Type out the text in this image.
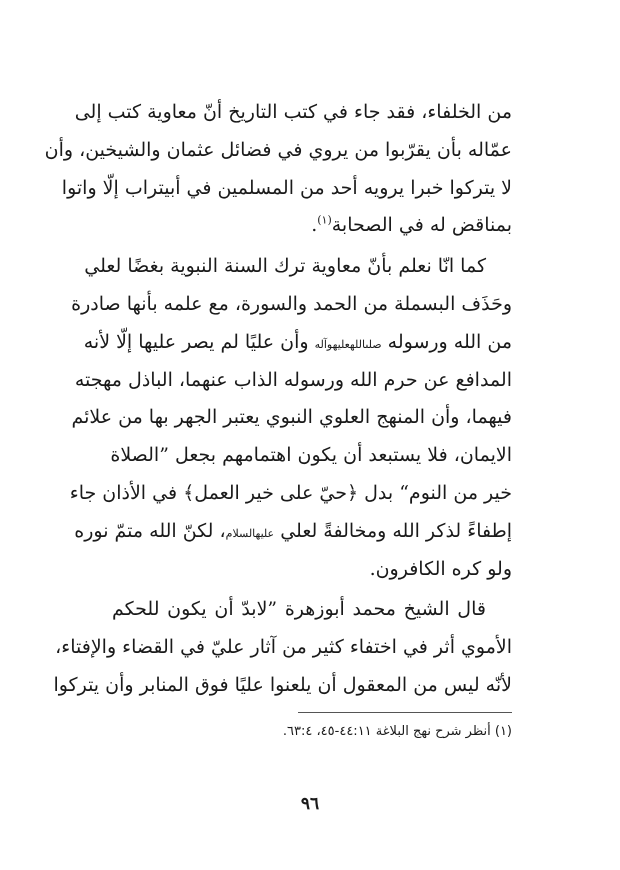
من الخلفاء، فقد جاء في كتب التاريخ أنّ معاوية كتب إلى
عمّاله بأن يقرّبوا من يروي في فضائل عثمان والشيخين، وأن
لا يتركوا خبرا يرويه أحد من المسلمين في أبيتراب إلّا واتوا
بمناقض له في الصحابة$^{(١)}$.
كما انّا نعلم بأنّ معاوية ترك السنة النبوية بغضًا لعلي
وحَذَف البسملة من الحمد والسورة، مع علمه بأنها صادرة
من الله ورسوله صلىاللهعليهوآله وأن عليًا لم يصر عليها إلّا لأنه
المدافع عن حرم الله ورسوله الذاب عنهما، الباذل مهجته
فيهما، وأن المنهج العلوي النبوي يعتبر الجهر بها من علائم
الايمان، فلا يستبعد أن يكون اهتمامهم بجعل ”الصلاة
خير من النوم“ بدل ﴿حيّ على خير العمل﴾ في الأذان جاء
إطفاءً لذكر الله ومخالفةً لعلي عليهالسلام، لكنّ الله متمّ نوره
ولو كره الكافرون.
قال الشيخ محمد أبوزهرة ”لابدّ أن يكون للحكم
الأموي أثر في اختفاء كثير من آثار عليّ في القضاء والإفتاء،
لأنّه ليس من المعقول أن يلعنوا عليًا فوق المنابر وأن يتركوا
(١) أنظر شرح نهج البلاغة ٤٤:١١-٤٥، ٦٣:٤.
٩٦
